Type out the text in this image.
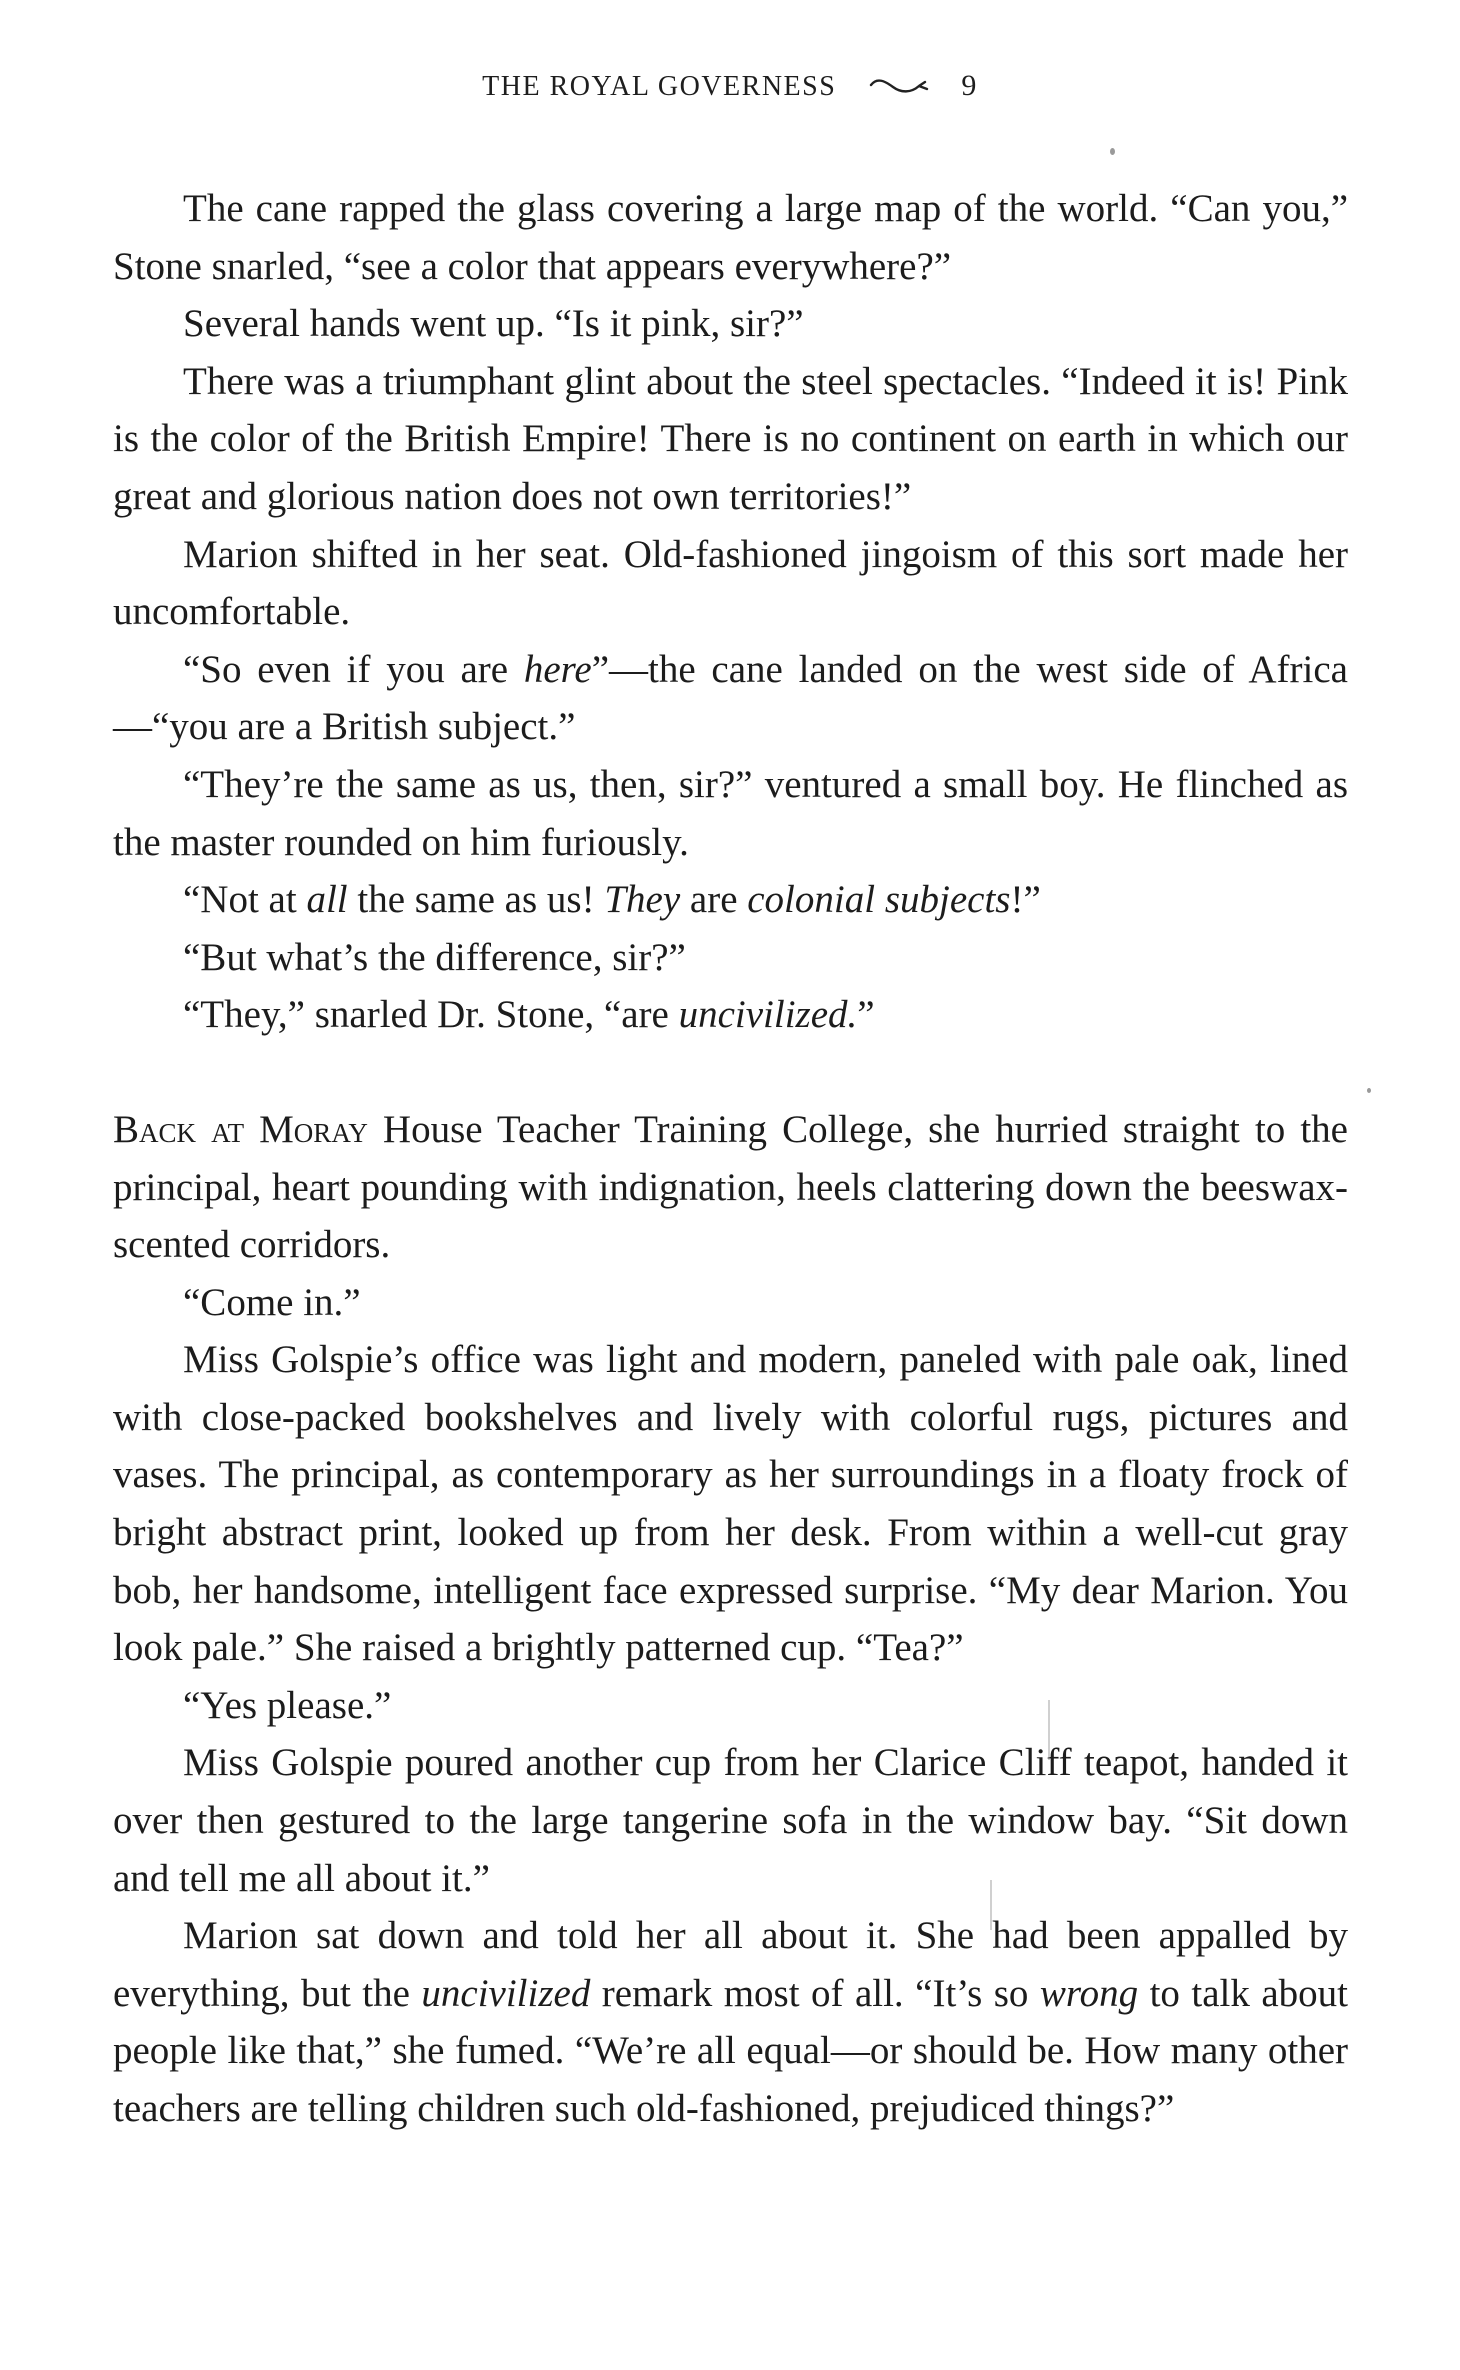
THE ROYAL GOVERNESS	9

The cane rapped the glass covering a large map of the world. “Can you,” Stone snarled, “see a color that appears everywhere?”

Several hands went up. “Is it pink, sir?”

There was a triumphant glint about the steel spectacles. “Indeed it is! Pink is the color of the British Empire! There is no continent on earth in which our great and glorious nation does not own territories!”

Marion shifted in her seat. Old-fashioned jingoism of this sort made her uncomfortable.

“So even if you are here”—the cane landed on the west side of Africa—“you are a British subject.”

“They’re the same as us, then, sir?” ventured a small boy. He flinched as the master rounded on him furiously.

“Not at all the same as us! They are colonial subjects!”

“But what’s the difference, sir?”

“They,” snarled Dr. Stone, “are uncivilized.”

Back at Moray House Teacher Training College, she hurried straight to the principal, heart pounding with indignation, heels clattering down the beeswax-scented corridors.

“Come in.”

Miss Golspie’s office was light and modern, paneled with pale oak, lined with close-packed bookshelves and lively with colorful rugs, pictures and vases. The principal, as contemporary as her surroundings in a floaty frock of bright abstract print, looked up from her desk. From within a well-cut gray bob, her handsome, intelligent face expressed surprise. “My dear Marion. You look pale.” She raised a brightly patterned cup. “Tea?”

“Yes please.”

Miss Golspie poured another cup from her Clarice Cliff teapot, handed it over then gestured to the large tangerine sofa in the window bay. “Sit down and tell me all about it.”

Marion sat down and told her all about it. She had been appalled by everything, but the uncivilized remark most of all. “It’s so wrong to talk about people like that,” she fumed. “We’re all equal—or should be. How many other teachers are telling children such old-fashioned, prejudiced things?”
